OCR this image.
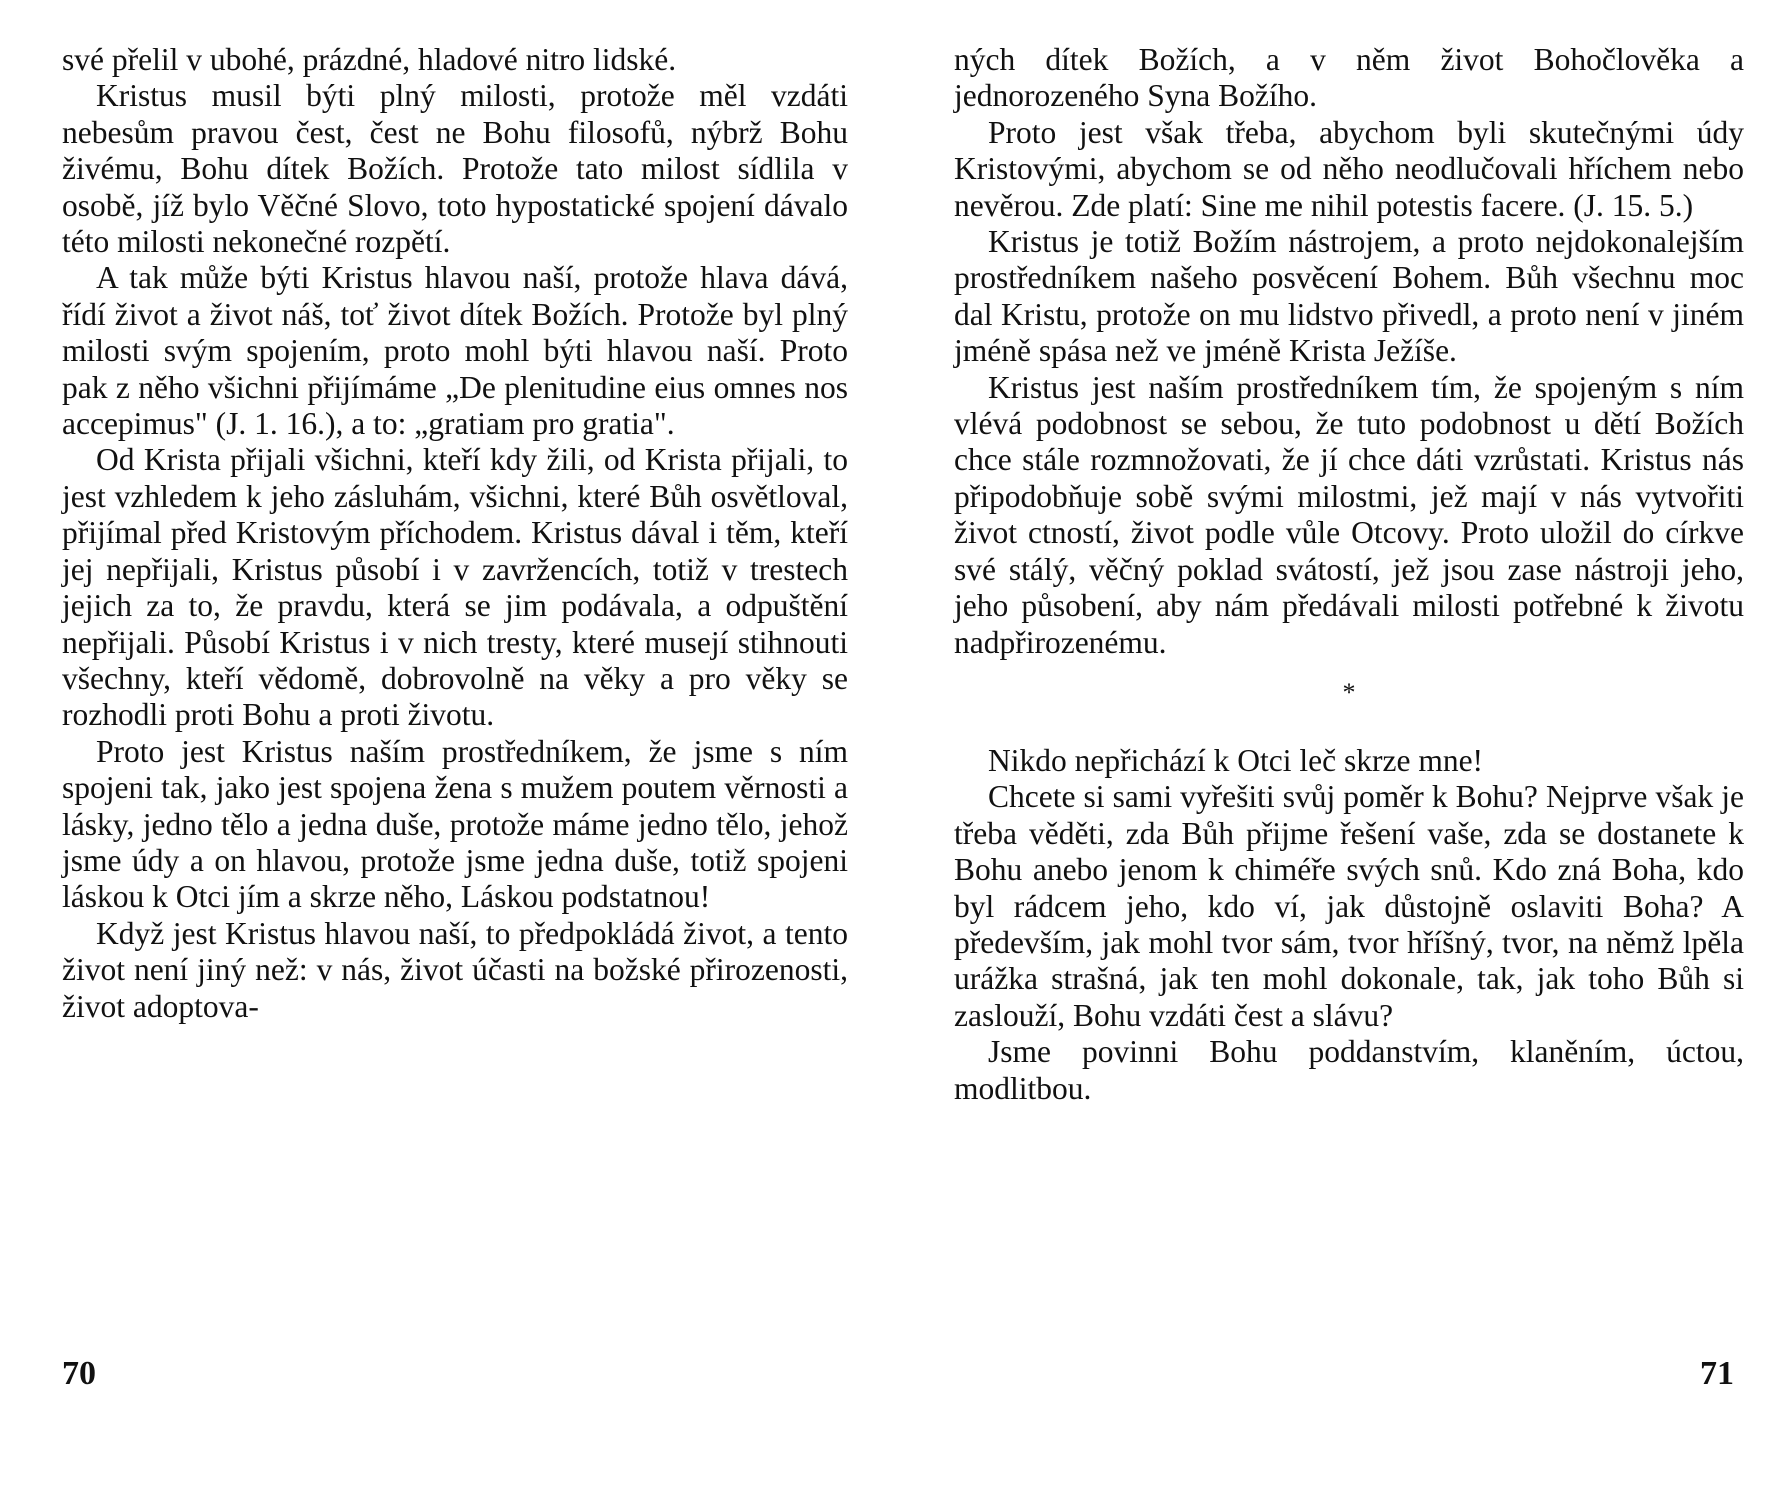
své přelil v ubohé, prázdné, hladové nitro lidské.

Kristus musil býti plný milosti, protože měl vzdáti nebesům pravou čest, čest ne Bohu filosofů, nýbrž Bohu živému, Bohu dítek Božích. Protože tato milost sídlila v osobě, jíž bylo Věčné Slovo, toto hypostatické spojení dávalo této milosti nekonečné rozpětí.

A tak může býti Kristus hlavou naší, protože hlava dává, řídí život a život náš, toť život dítek Božích. Protože byl plný milosti svým spojením, proto mohl býti hlavou naší. Proto pak z něho všichni přijímáme „De plenitudine eius omnes nos accepimus" (J. 1. 16.), a to: „gratiam pro gratia".

Od Krista přijali všichni, kteří kdy žili, od Krista přijali, to jest vzhledem k jeho zásluhám, všichni, které Bůh osvětloval, přijímal před Kristovým příchodem. Kristus dával i těm, kteří jej nepřijali, Kristus působí i v zavržencích, totiž v trestech jejich za to, že pravdu, která se jim podávala, a odpuštění nepřijali. Působí Kristus i v nich tresty, které musejí stihnouti všechny, kteří vědomě, dobrovolně na věky a pro věky se rozhodli proti Bohu a proti životu.

Proto jest Kristus naším prostředníkem, že jsme s ním spojeni tak, jako jest spojena žena s mužem poutem věrnosti a lásky, jedno tělo a jedna duše, protože máme jedno tělo, jehož jsme údy a on hlavou, protože jsme jedna duše, totiž spojeni láskou k Otci jím a skrze něho, Láskou podstatnou!

Když jest Kristus hlavou naší, to předpokládá život, a tento život není jiný než: v nás, život účasti na božské přirozenosti, život adoptova-

70

ných dítek Božích, a v něm život Bohočlověka a jednorozeného Syna Božího.

Proto jest však třeba, abychom byli skutečnými údy Kristovými, abychom se od něho neodlučovali hříchem nebo nevěrou. Zde platí: Sine me nihil potestis facere. (J. 15. 5.)

Kristus je totiž Božím nástrojem, a proto nejdokonalejším prostředníkem našeho posvěcení Bohem. Bůh všechnu moc dal Kristu, protože on mu lidstvo přivedl, a proto není v jiném jméně spása než ve jméně Krista Ježíše.

Kristus jest naším prostředníkem tím, že spojeným s ním vlévá podobnost se sebou, že tuto podobnost u dětí Božích chce stále rozmnožovati, že jí chce dáti vzrůstati. Kristus nás připodobňuje sobě svými milostmi, jež mají v nás vytvořiti život ctností, život podle vůle Otcovy. Proto uložil do církve své stálý, věčný poklad svátostí, jež jsou zase nástroji jeho, jeho působení, aby nám předávali milosti potřebné k životu nadpřirozenému.

*

Nikdo nepřichází k Otci leč skrze mne!

Chcete si sami vyřešiti svůj poměr k Bohu? Nejprve však je třeba věděti, zda Bůh přijme řešení vaše, zda se dostanete k Bohu anebo jenom k chiméře svých snů. Kdo zná Boha, kdo byl rádcem jeho, kdo ví, jak důstojně oslaviti Boha? A především, jak mohl tvor sám, tvor hříšný, tvor, na němž lpěla urážka strašná, jak ten mohl dokonale, tak, jak toho Bůh si zaslouží, Bohu vzdáti čest a slávu?

Jsme povinni Bohu poddanstvím, klaněním, úctou, modlitbou.

71
